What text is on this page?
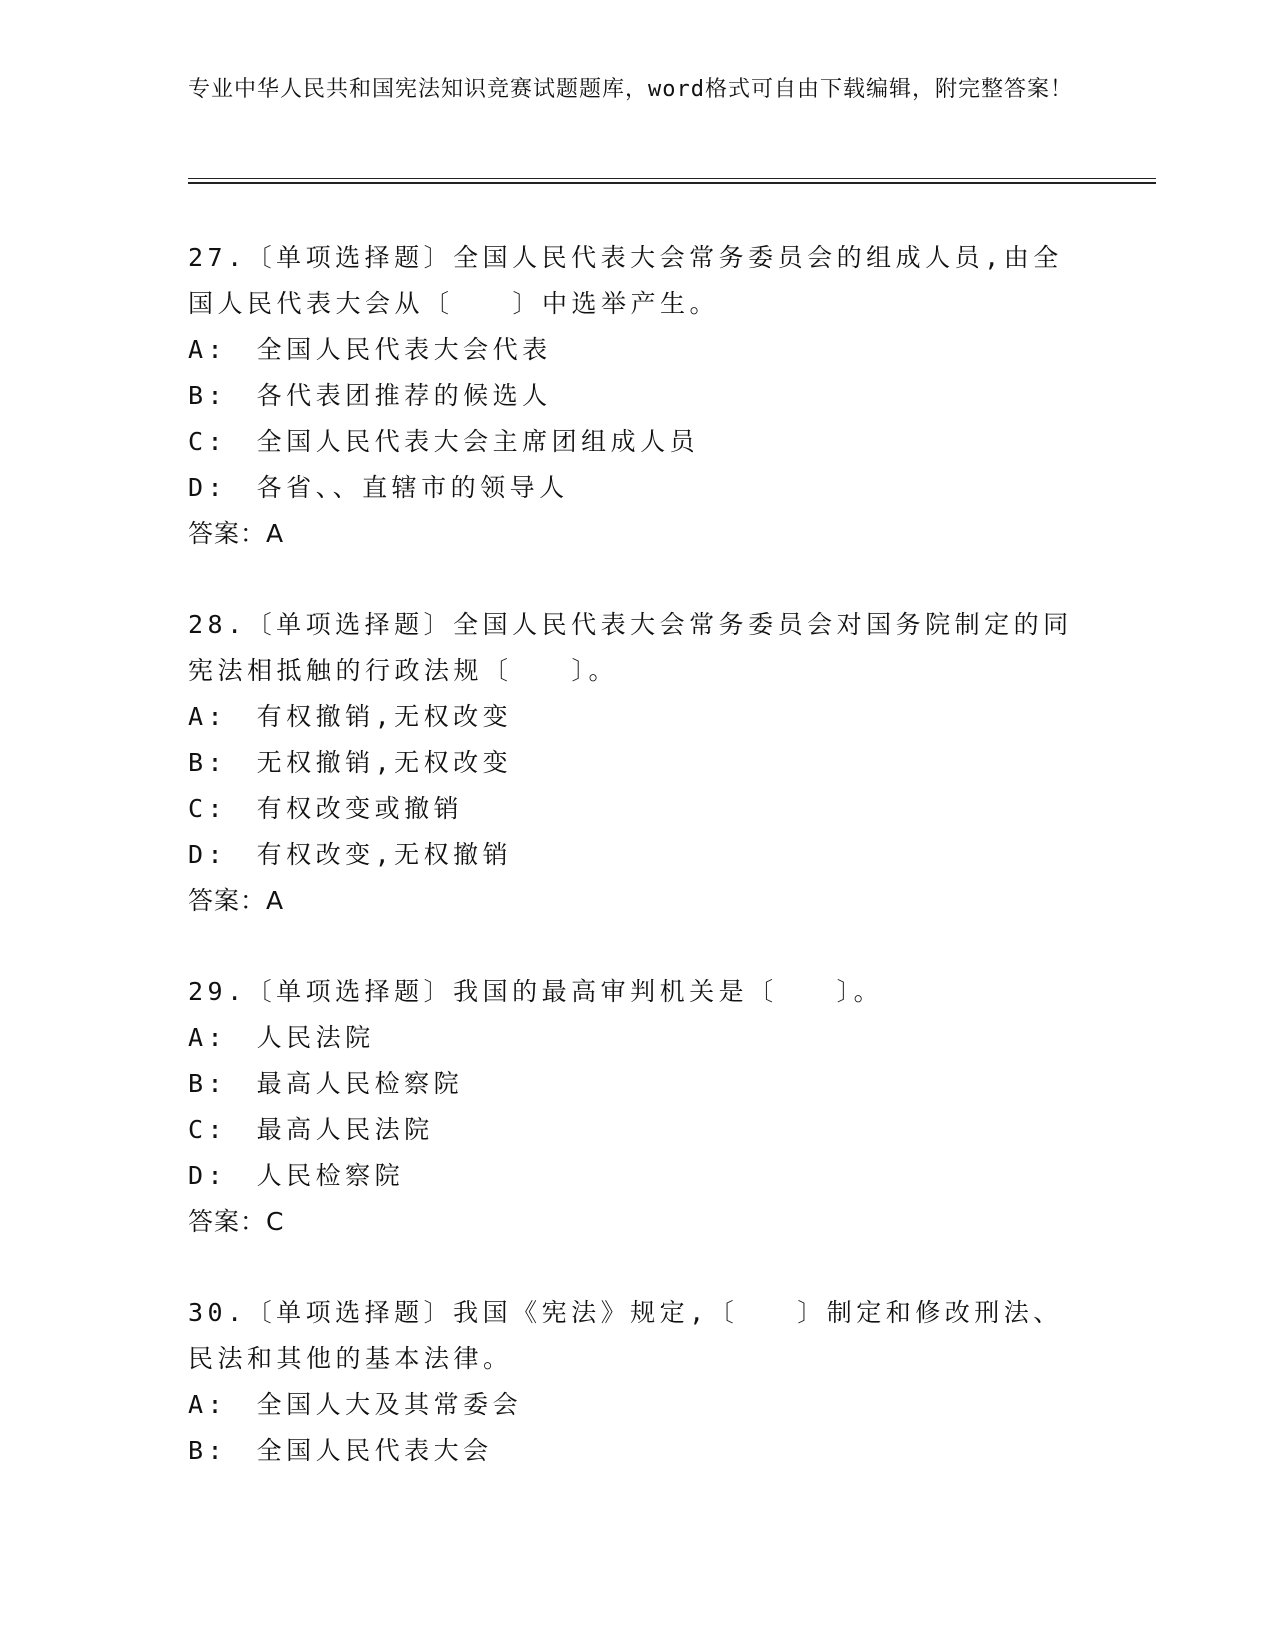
专业中华人民共和国宪法知识竞赛试题题库，word格式可自由下载编辑，附完整答案！

27.〔单项选择题〕全国人民代表大会常务委员会的组成人员,由全国人民代表大会从〔　　〕中选举产生。

A:　全国人民代表大会代表

B:　各代表团推荐的候选人

C:　全国人民代表大会主席团组成人员

D:　各省、、直辖市的领导人

答案：A

28.〔单项选择题〕全国人民代表大会常务委员会对国务院制定的同宪法相抵触的行政法规〔　　〕。

A:　有权撤销,无权改变

B:　无权撤销,无权改变

C:　有权改变或撤销

D:　有权改变,无权撤销

答案：A

29.〔单项选择题〕我国的最高审判机关是〔　　〕。

A:　人民法院

B:　最高人民检察院

C:　最高人民法院

D:　人民检察院

答案：C

30.〔单项选择题〕我国《宪法》规定,〔　　〕制定和修改刑法、民法和其他的基本法律。

A:　全国人大及其常委会

B:　全国人民代表大会
